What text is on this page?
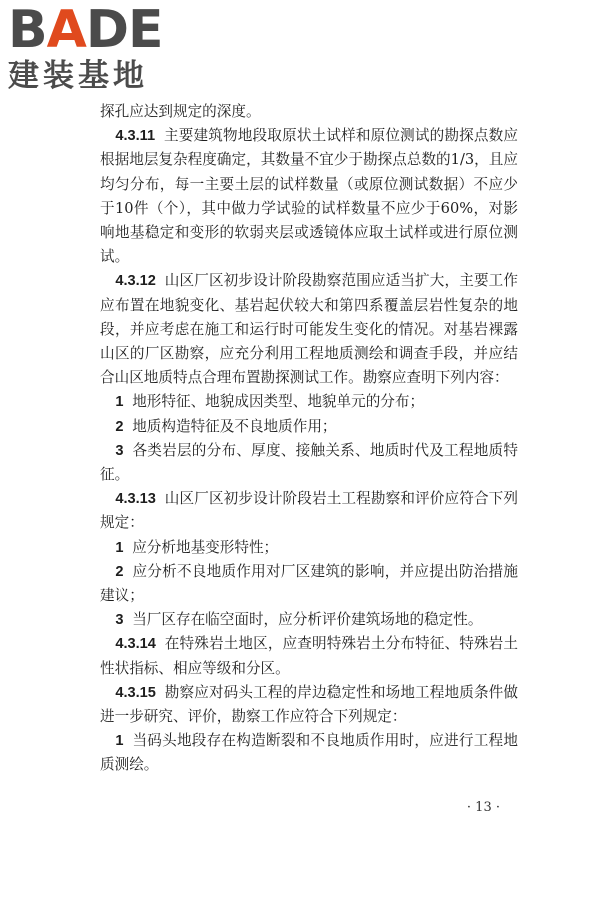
BADE
建装基地

探孔应达到规定的深度。

4.3.11 主要建筑物地段取原状土试样和原位测试的勘探点数应根据地层复杂程度确定，其数量不宜少于勘探点总数的1/3，且应均匀分布，每一主要土层的试样数量（或原位测试数据）不应少于10件（个），其中做力学试验的试样数量不应少于60%，对影响地基稳定和变形的软弱夹层或透镜体应取土试样或进行原位测试。

4.3.12 山区厂区初步设计阶段勘察范围应适当扩大，主要工作应布置在地貌变化、基岩起伏较大和第四系覆盖层岩性复杂的地段，并应考虑在施工和运行时可能发生变化的情况。对基岩裸露山区的厂区勘察，应充分利用工程地质测绘和调查手段，并应结合山区地质特点合理布置勘探测试工作。勘察应查明下列内容：

1 地形特征、地貌成因类型、地貌单元的分布；

2 地质构造特征及不良地质作用；

3 各类岩层的分布、厚度、接触关系、地质时代及工程地质特征。

4.3.13 山区厂区初步设计阶段岩土工程勘察和评价应符合下列规定：

1 应分析地基变形特性；

2 应分析不良地质作用对厂区建筑的影响，并应提出防治措施建议；

3 当厂区存在临空面时，应分析评价建筑场地的稳定性。

4.3.14 在特殊岩土地区，应查明特殊岩土分布特征、特殊岩土性状指标、相应等级和分区。

4.3.15 勘察应对码头工程的岸边稳定性和场地工程地质条件做进一步研究、评价，勘察工作应符合下列规定：

1 当码头地段存在构造断裂和不良地质作用时，应进行工程地质测绘。

· 13 ·
